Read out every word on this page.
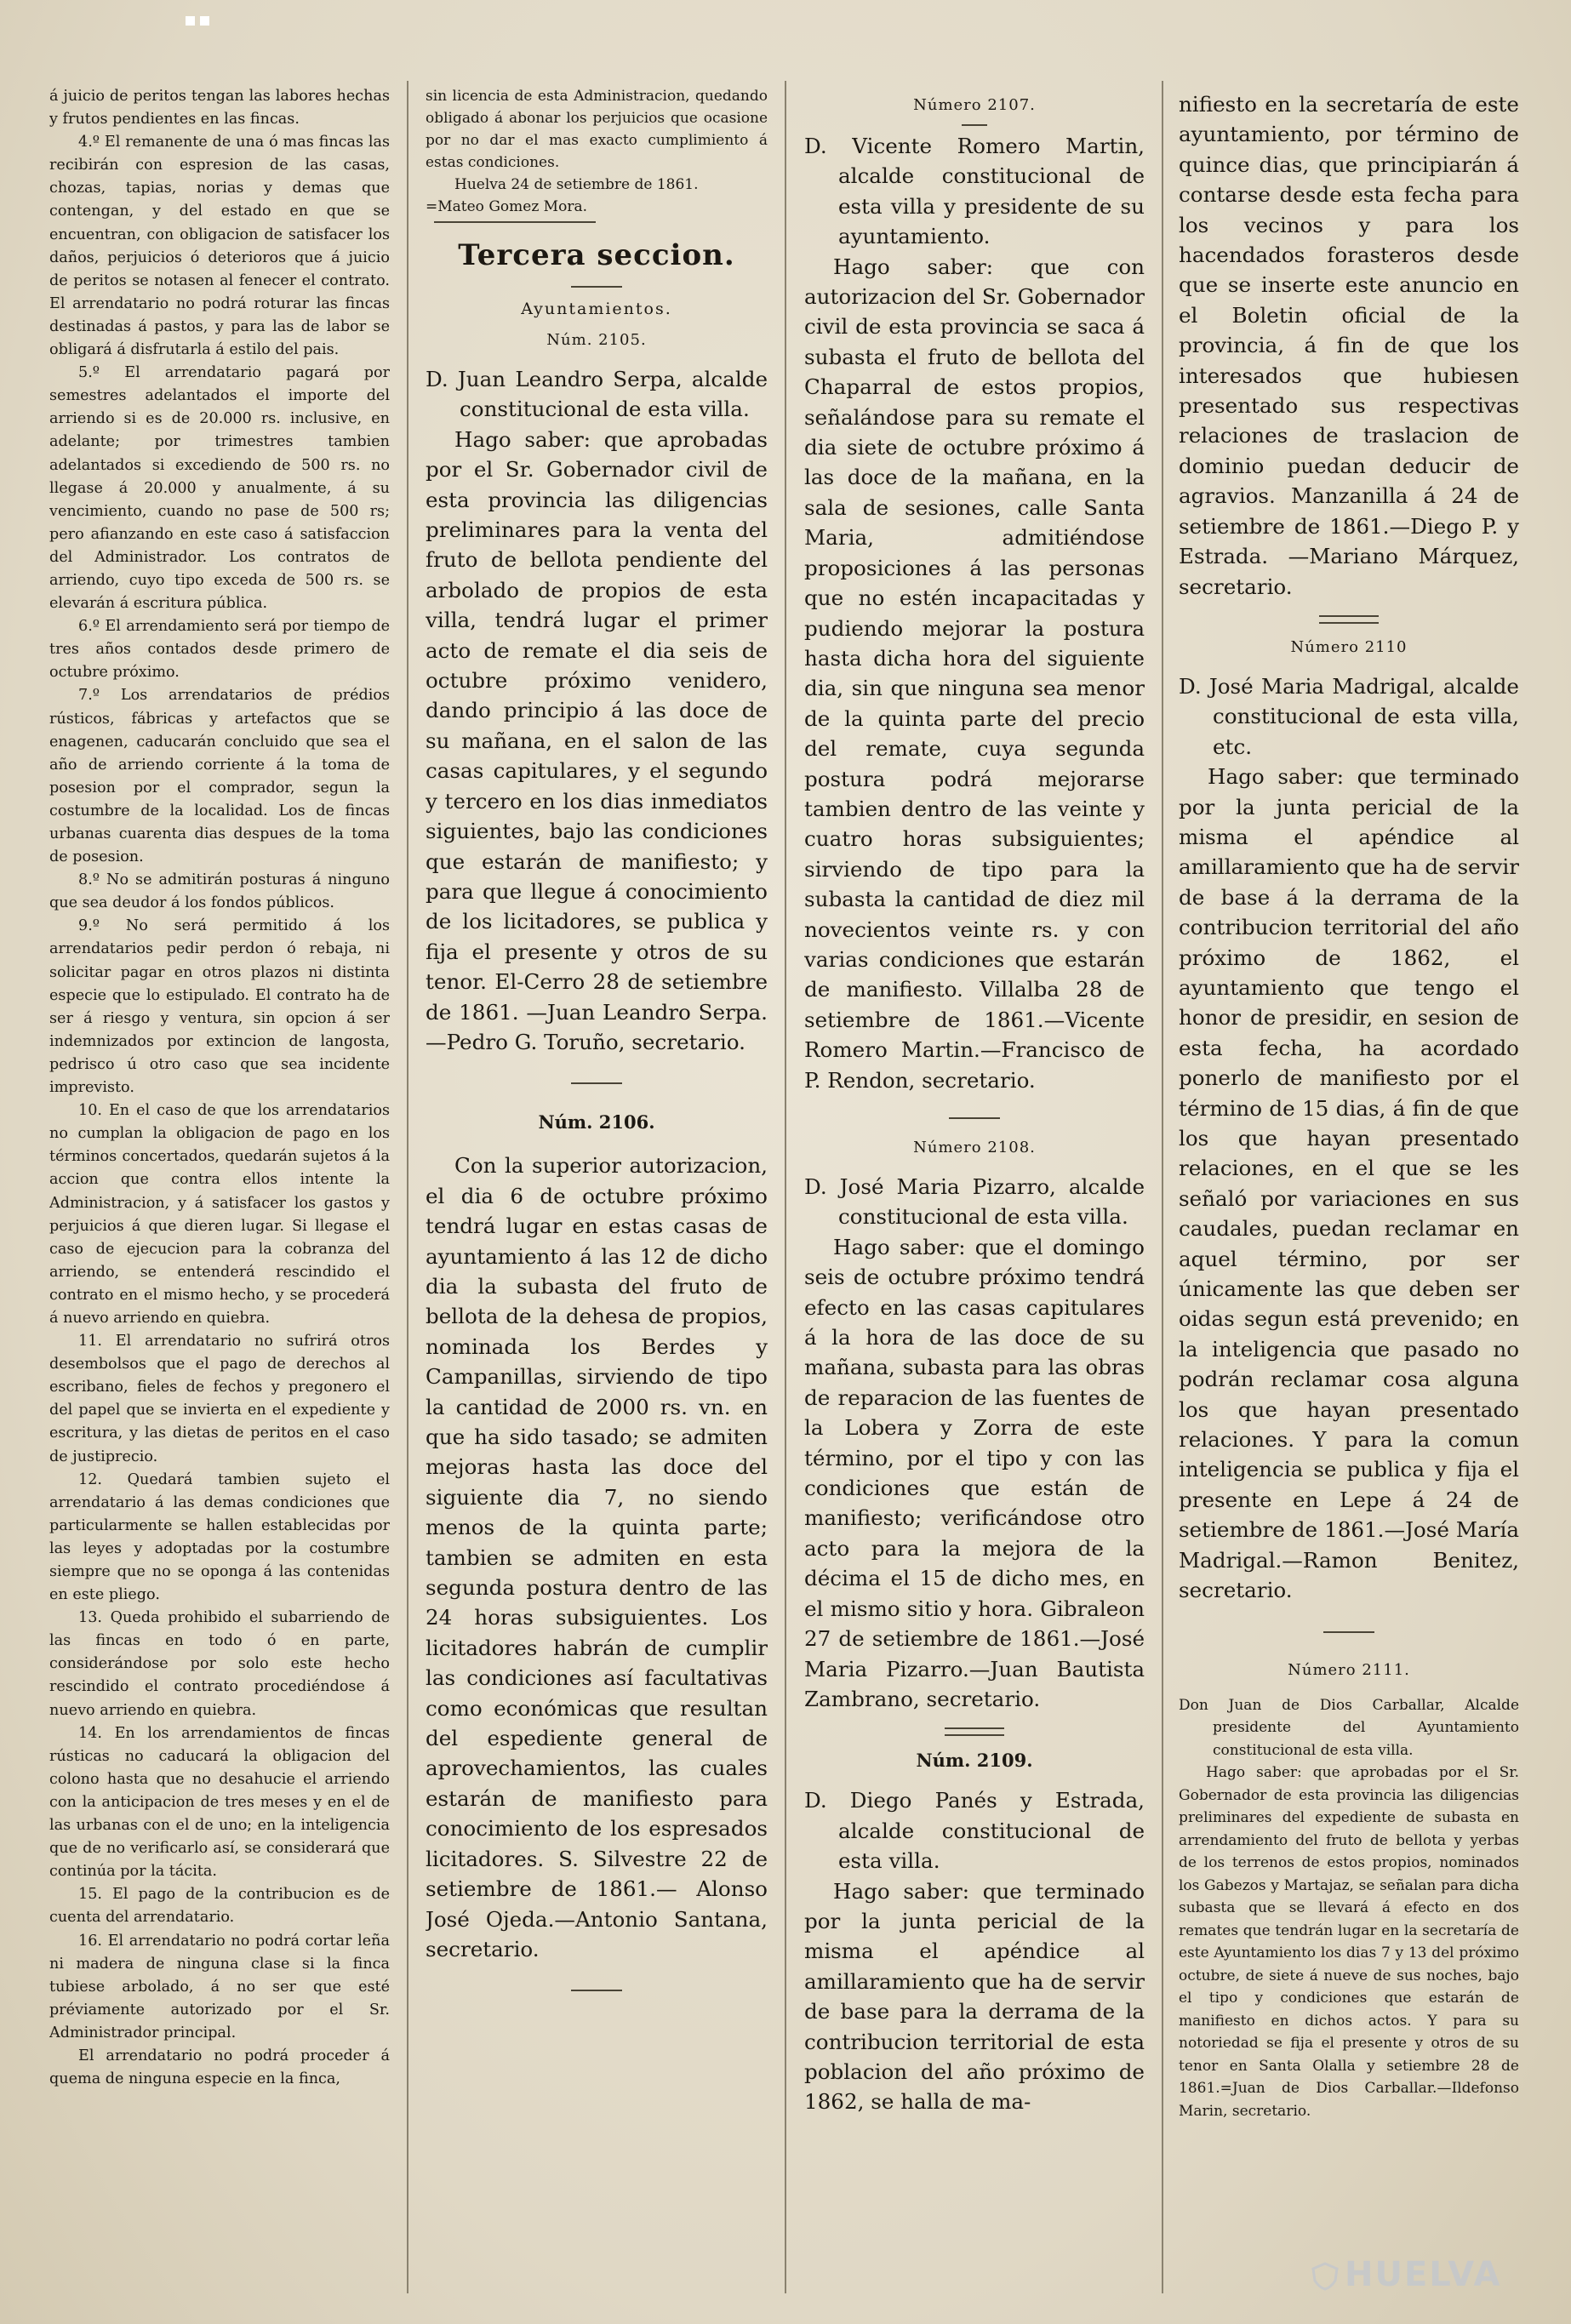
á juicio de peritos tengan las labores hechas y frutos pendientes en las fincas.

4.º El remanente de una ó mas fincas las recibirán con espresion de las casas, chozas, tapias, norias y demas que contengan, y del estado en que se encuentran, con obligacion de satisfacer los daños, perjuicios ó deterioros que á juicio de peritos se notasen al fenecer el contrato. El arrendatario no podrá roturar las fincas destinadas á pastos, y para las de labor se obligará á disfrutarla á estilo del pais.

5.º El arrendatario pagará por semestres adelantados el importe del arriendo si es de 20.000 rs. inclusive, en adelante; por trimestres tambien adelantados si excediendo de 500 rs. no llegase á 20.000 y anualmente, á su vencimiento, cuando no pase de 500 rs; pero afianzando en este caso á satisfaccion del Administrador. Los contratos de arriendo, cuyo tipo exceda de 500 rs. se elevarán á escritura pública.

6.º El arrendamiento será por tiempo de tres años contados desde primero de octubre próximo.

7.º Los arrendatarios de prédios rústicos, fábricas y artefactos que se enagenen, caducarán concluido que sea el año de arriendo corriente á la toma de posesion por el comprador, segun la costumbre de la localidad. Los de fincas urbanas cuarenta dias despues de la toma de posesion.

8.º No se admitirán posturas á ninguno que sea deudor á los fondos públicos.

9.º No será permitido á los arrendatarios pedir perdon ó rebaja, ni solicitar pagar en otros plazos ni distinta especie que lo estipulado. El contrato ha de ser á riesgo y ventura, sin opcion á ser indemnizados por extincion de langosta, pedrisco ú otro caso que sea incidente imprevisto.

10. En el caso de que los arrendatarios no cumplan la obligacion de pago en los términos concertados, quedarán sujetos á la accion que contra ellos intente la Administracion, y á satisfacer los gastos y perjuicios á que dieren lugar. Si llegase el caso de ejecucion para la cobranza del arriendo, se entenderá rescindido el contrato en el mismo hecho, y se procederá á nuevo arriendo en quiebra.

11. El arrendatario no sufrirá otros desembolsos que el pago de derechos al escribano, fieles de fechos y pregonero el del papel que se invierta en el expediente y escritura, y las dietas de peritos en el caso de justiprecio.

12. Quedará tambien sujeto el arrendatario á las demas condiciones que particularmente se hallen establecidas por las leyes y adoptadas por la costumbre siempre que no se oponga á las contenidas en este pliego.

13. Queda prohibido el subarriendo de las fincas en todo ó en parte, considerándose por solo este hecho rescindido el contrato procediéndose á nuevo arriendo en quiebra.

14. En los arrendamientos de fincas rústicas no caducará la obligacion del colono hasta que no desahucie el arriendo con la anticipacion de tres meses y en el de las urbanas con el de uno; en la inteligencia que de no verificarlo así, se considerará que continúa por la tácita.

15. El pago de la contribucion es de cuenta del arrendatario.

16. El arrendatario no podrá cortar leña ni madera de ninguna clase si la finca tubiese arbolado, á no ser que esté préviamente autorizado por el Sr. Administrador principal.

El arrendatario no podrá proceder á quema de ninguna especie en la finca,

sin licencia de esta Administracion, quedando obligado á abonar los perjuicios que ocasione por no dar el mas exacto cumplimiento á estas condiciones.

Huelva 24 de setiembre de 1861.

=Mateo Gomez Mora.

Tercera seccion.
Ayuntamientos.
Núm. 2105.

D. Juan Leandro Serpa, alcalde constitucional de esta villa.

Hago saber: que aprobadas por el Sr. Gobernador civil de esta provincia las diligencias preliminares para la venta del fruto de bellota pendiente del arbolado de propios de esta villa, tendrá lugar el primer acto de remate el dia seis de octubre próximo venidero, dando principio á las doce de su mañana, en el salon de las casas capitulares, y el segundo y tercero en los dias inmediatos siguientes, bajo las condiciones que estarán de manifiesto; y para que llegue á conocimiento de los licitadores, se publica y fija el presente y otros de su tenor. El-Cerro 28 de setiembre de 1861. —Juan Leandro Serpa.—Pedro G. Toruño, secretario.

Núm. 2106.

Con la superior autorizacion, el dia 6 de octubre próximo tendrá lugar en estas casas de ayuntamiento á las 12 de dicho dia la subasta del fruto de bellota de la dehesa de propios, nominada los Berdes y Campanillas, sirviendo de tipo la cantidad de 2000 rs. vn. en que ha sido tasado; se admiten mejoras hasta las doce del siguiente dia 7, no siendo menos de la quinta parte; tambien se admiten en esta segunda postura dentro de las 24 horas subsiguientes. Los licitadores habrán de cumplir las condiciones así facultativas como económicas que resultan del espediente general de aprovechamientos, las cuales estarán de manifiesto para conocimiento de los espresados licitadores. S. Silvestre 22 de setiembre de 1861.— Alonso José Ojeda.—Antonio Santana, secretario.

Número 2107.

D. Vicente Romero Martin, alcalde constitucional de esta villa y presidente de su ayuntamiento.

Hago saber: que con autorizacion del Sr. Gobernador civil de esta provincia se saca á subasta el fruto de bellota del Chaparral de estos propios, señalándose para su remate el dia siete de octubre próximo á las doce de la mañana, en la sala de sesiones, calle Santa Maria, admitiéndose proposiciones á las personas que no estén incapacitadas y pudiendo mejorar la postura hasta dicha hora del siguiente dia, sin que ninguna sea menor de la quinta parte del precio del remate, cuya segunda postura podrá mejorarse tambien dentro de las veinte y cuatro horas subsiguientes; sirviendo de tipo para la subasta la cantidad de diez mil novecientos veinte rs. y con varias condiciones que estarán de manifiesto. Villalba 28 de setiembre de 1861.—Vicente Romero Martin.—Francisco de P. Rendon, secretario.

Número 2108.

D. José Maria Pizarro, alcalde constitucional de esta villa.

Hago saber: que el domingo seis de octubre próximo tendrá efecto en las casas capitulares á la hora de las doce de su mañana, subasta para las obras de reparacion de las fuentes de la Lobera y Zorra de este término, por el tipo y con las condiciones que están de manifiesto; verificándose otro acto para la mejora de la décima el 15 de dicho mes, en el mismo sitio y hora. Gibraleon 27 de setiembre de 1861.—José Maria Pizarro.—Juan Bautista Zambrano, secretario.

Núm. 2109.

D. Diego Panés y Estrada, alcalde constitucional de esta villa.

Hago saber: que terminado por la junta pericial de la misma el apéndice al amillaramiento que ha de servir de base para la derrama de la contribucion territorial de esta poblacion del año próximo de 1862, se halla de ma-

nifiesto en la secretaría de este ayuntamiento, por término de quince dias, que principiarán á contarse desde esta fecha para los vecinos y para los hacendados forasteros desde que se inserte este anuncio en el Boletin oficial de la provincia, á fin de que los interesados que hubiesen presentado sus respectivas relaciones de traslacion de dominio puedan deducir de agravios. Manzanilla á 24 de setiembre de 1861.—Diego P. y Estrada. —Mariano Márquez, secretario.

Número 2110

D. José Maria Madrigal, alcalde constitucional de esta villa, etc.

Hago saber: que terminado por la junta pericial de la misma el apéndice al amillaramiento que ha de servir de base á la derrama de la contribucion territorial del año próximo de 1862, el ayuntamiento que tengo el honor de presidir, en sesion de esta fecha, ha acordado ponerlo de manifiesto por el término de 15 dias, á fin de que los que hayan presentado relaciones, en el que se les señaló por variaciones en sus caudales, puedan reclamar en aquel término, por ser únicamente las que deben ser oidas segun está prevenido; en la inteligencia que pasado no podrán reclamar cosa alguna los que hayan presentado relaciones. Y para la comun inteligencia se publica y fija el presente en Lepe á 24 de setiembre de 1861.—José María Madrigal.—Ramon Benitez, secretario.

Número 2111.

Don Juan de Dios Carballar, Alcalde presidente del Ayuntamiento constitucional de esta villa.

Hago saber: que aprobadas por el Sr. Gobernador de esta provincia las diligencias preliminares del expediente de subasta en arrendamiento del fruto de bellota y yerbas de los terrenos de estos propios, nominados los Gabezos y Martajaz, se señalan para dicha subasta que se llevará á efecto en dos remates que tendrán lugar en la secretaría de este Ayuntamiento los dias 7 y 13 del próximo octubre, de siete á nueve de sus noches, bajo el tipo y condiciones que estarán de manifiesto en dichos actos. Y para su notoriedad se fija el presente y otros de su tenor en Santa Olalla y setiembre 28 de 1861.=Juan de Dios Carballar.—Ildefonso Marin, secretario.

HUELVA
